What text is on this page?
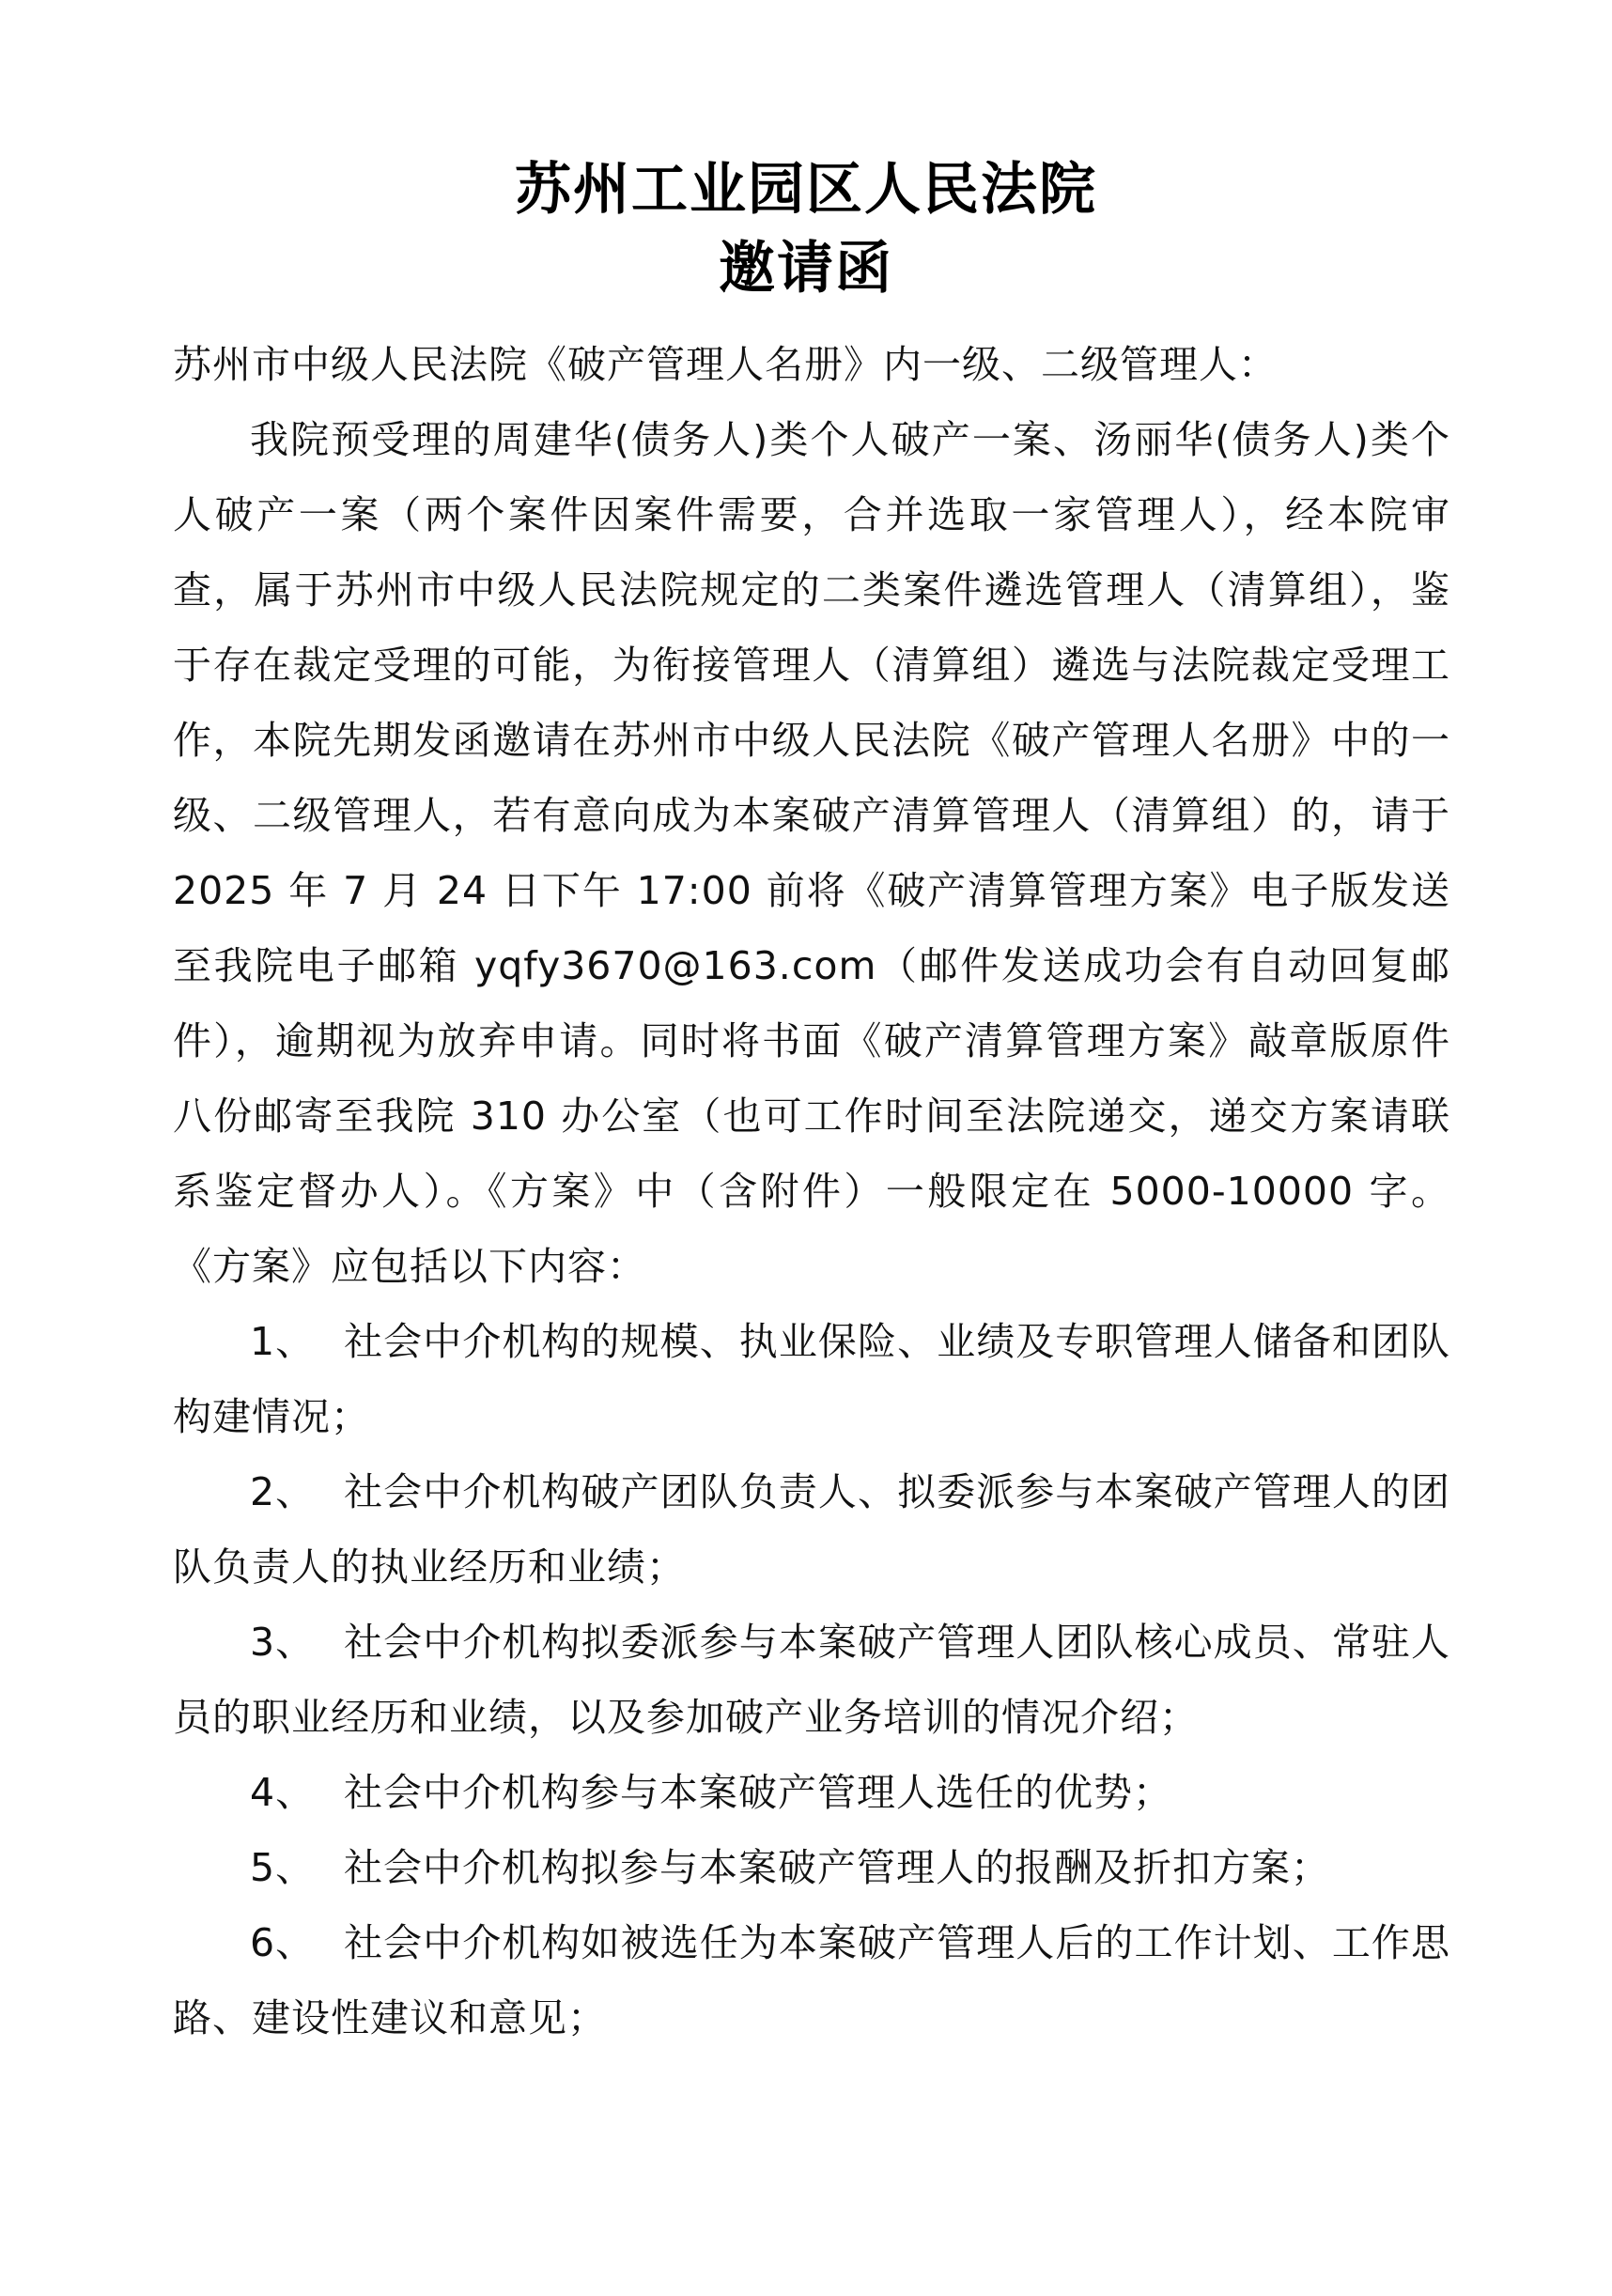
苏州工业园区人民法院
邀请函

苏州市中级人民法院《破产管理人名册》内一级、二级管理人：

我院预受理的周建华(债务人)类个人破产一案、汤丽华(债务人)类个人破产一案（两个案件因案件需要，合并选取一家管理人），经本院审查，属于苏州市中级人民法院规定的二类案件遴选管理人（清算组），鉴于存在裁定受理的可能，为衔接管理人（清算组）遴选与法院裁定受理工作，本院先期发函邀请在苏州市中级人民法院《破产管理人名册》中的一级、二级管理人，若有意向成为本案破产清算管理人（清算组）的，请于 2025 年 7 月 24 日下午 17:00 前将《破产清算管理方案》电子版发送至我院电子邮箱 yqfy3670@163.com（邮件发送成功会有自动回复邮件），逾期视为放弃申请。同时将书面《破产清算管理方案》敲章版原件八份邮寄至我院 310 办公室（也可工作时间至法院递交，递交方案请联系鉴定督办人）。《方案》中（含附件）一般限定在 5000-10000 字。《方案》应包括以下内容：

1、 社会中介机构的规模、执业保险、业绩及专职管理人储备和团队构建情况；

2、 社会中介机构破产团队负责人、拟委派参与本案破产管理人的团队负责人的执业经历和业绩；

3、 社会中介机构拟委派参与本案破产管理人团队核心成员、常驻人员的职业经历和业绩，以及参加破产业务培训的情况介绍；

4、 社会中介机构参与本案破产管理人选任的优势；

5、 社会中介机构拟参与本案破产管理人的报酬及折扣方案；

6、 社会中介机构如被选任为本案破产管理人后的工作计划、工作思路、建设性建议和意见；
